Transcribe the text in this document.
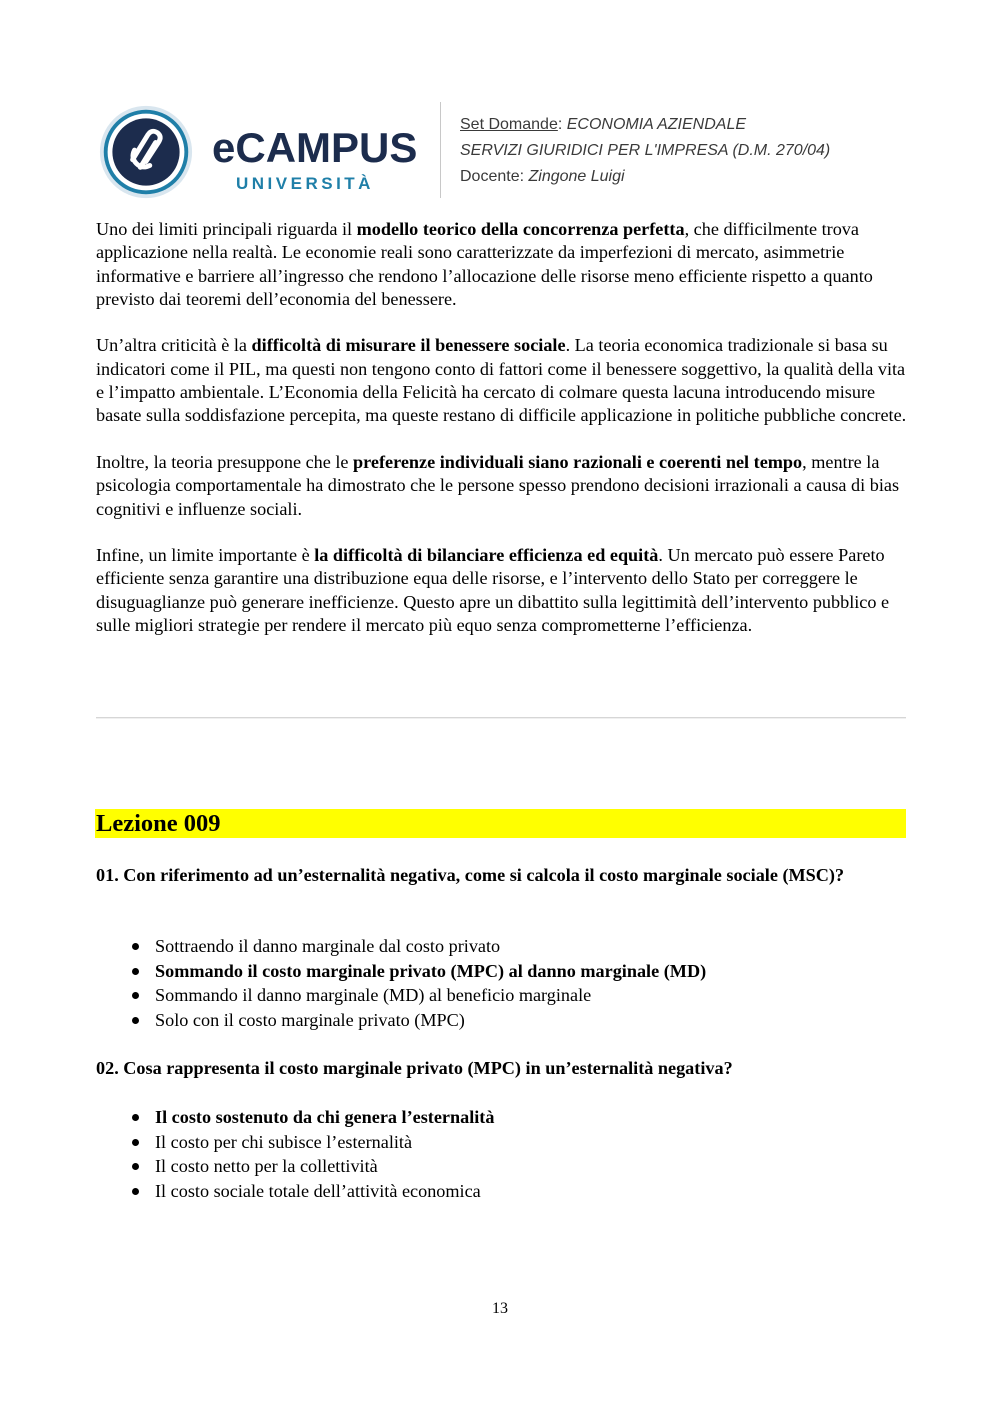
eCAMPUS
UNIVERSITÀ
Set Domande: ECONOMIA AZIENDALE
SERVIZI GIURIDICI PER L'IMPRESA (D.M. 270/04)
Docente: Zingone Luigi

Uno dei limiti principali riguarda il modello teorico della concorrenza perfetta, che difficilmente trova applicazione nella realtà. Le economie reali sono caratterizzate da imperfezioni di mercato, asimmetrie informative e barriere all’ingresso che rendono l’allocazione delle risorse meno efficiente rispetto a quanto previsto dai teoremi dell’economia del benessere.

Un’altra criticità è la difficoltà di misurare il benessere sociale. La teoria economica tradizionale si basa su indicatori come il PIL, ma questi non tengono conto di fattori come il benessere soggettivo, la qualità della vita e l’impatto ambientale. L’Economia della Felicità ha cercato di colmare questa lacuna introducendo misure basate sulla soddisfazione percepita, ma queste restano di difficile applicazione in politiche pubbliche concrete.

Inoltre, la teoria presuppone che le preferenze individuali siano razionali e coerenti nel tempo, mentre la psicologia comportamentale ha dimostrato che le persone spesso prendono decisioni irrazionali a causa di bias cognitivi e influenze sociali.

Infine, un limite importante è la difficoltà di bilanciare efficienza ed equità. Un mercato può essere Pareto efficiente senza garantire una distribuzione equa delle risorse, e l’intervento dello Stato per correggere le disuguaglianze può generare inefficienze. Questo apre un dibattito sulla legittimità dell’intervento pubblico e sulle migliori strategie per rendere il mercato più equo senza comprometterne l’efficienza.

Lezione 009
01. Con riferimento ad un’esternalità negativa, come si calcola il costo marginale sociale (MSC)?
Sottraendo il danno marginale dal costo privato
Sommando il costo marginale privato (MPC) al danno marginale (MD)
Sommando il danno marginale (MD) al beneficio marginale
Solo con il costo marginale privato (MPC)
02. Cosa rappresenta il costo marginale privato (MPC) in un’esternalità negativa?
Il costo sostenuto da chi genera l’esternalità
Il costo per chi subisce l’esternalità
Il costo netto per la collettività
Il costo sociale totale dell’attività economica
13
